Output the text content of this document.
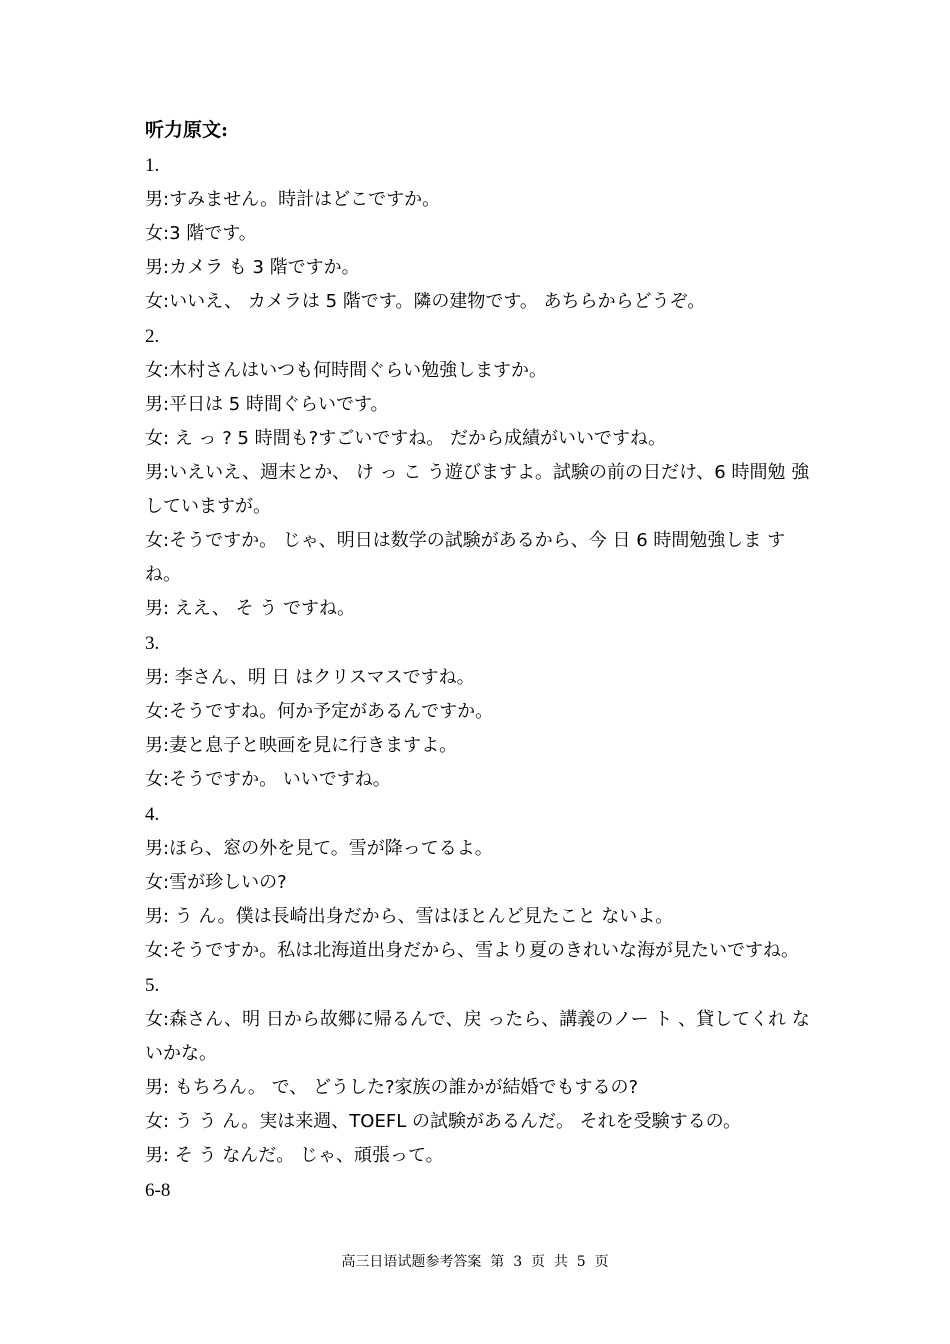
听力原文:

1.

男:すみません。時計はどこですか。

女:3 階です。

男:カメラ も 3 階ですか。

女:いいえ、 カメラは 5 階です。隣の建物です。 あちらからどうぞ。

2.

女:木村さんはいつも何時間ぐらい勉強しますか。

男:平日は 5 時間ぐらいです。

女: え っ ? 5 時間も?すごいですね。 だから成績がいいですね。

男:いえいえ、週末とか、 け っ こ う遊びますよ。試験の前の日だけ、6 時間勉 強していますが。

女:そうですか。 じゃ、明日は数学の試験があるから、今 日 6 時間勉強しま す ね。

男: ええ、 そ う ですね。

3.

男: 李さん、明 日 はクリスマスですね。

女:そうですね。何か予定があるんですか。

男:妻と息子と映画を見に行きますよ。

女:そうですか。 いいですね。

4.

男:ほら、窓の外を見て。雪が降ってるよ。

女:雪が珍しいの?

男: う ん。僕は長崎出身だから、雪はほとんど見たこと ないよ。

女:そうですか。私は北海道出身だから、雪より夏のきれいな海が見たいですね。

5.

女:森さん、明 日から故郷に帰るんで、戻 ったら、講義のノー ト 、貸してくれ ないかな。

男: もちろん。 で、 どうした?家族の誰かが結婚でもするの?

女: う う ん。実は来週、TOEFL の試験があるんだ。 それを受験するの。

男: そ う なんだ。 じゃ、頑張って。

6-8

高三日语试题参考答案  第  3  页  共  5  页
